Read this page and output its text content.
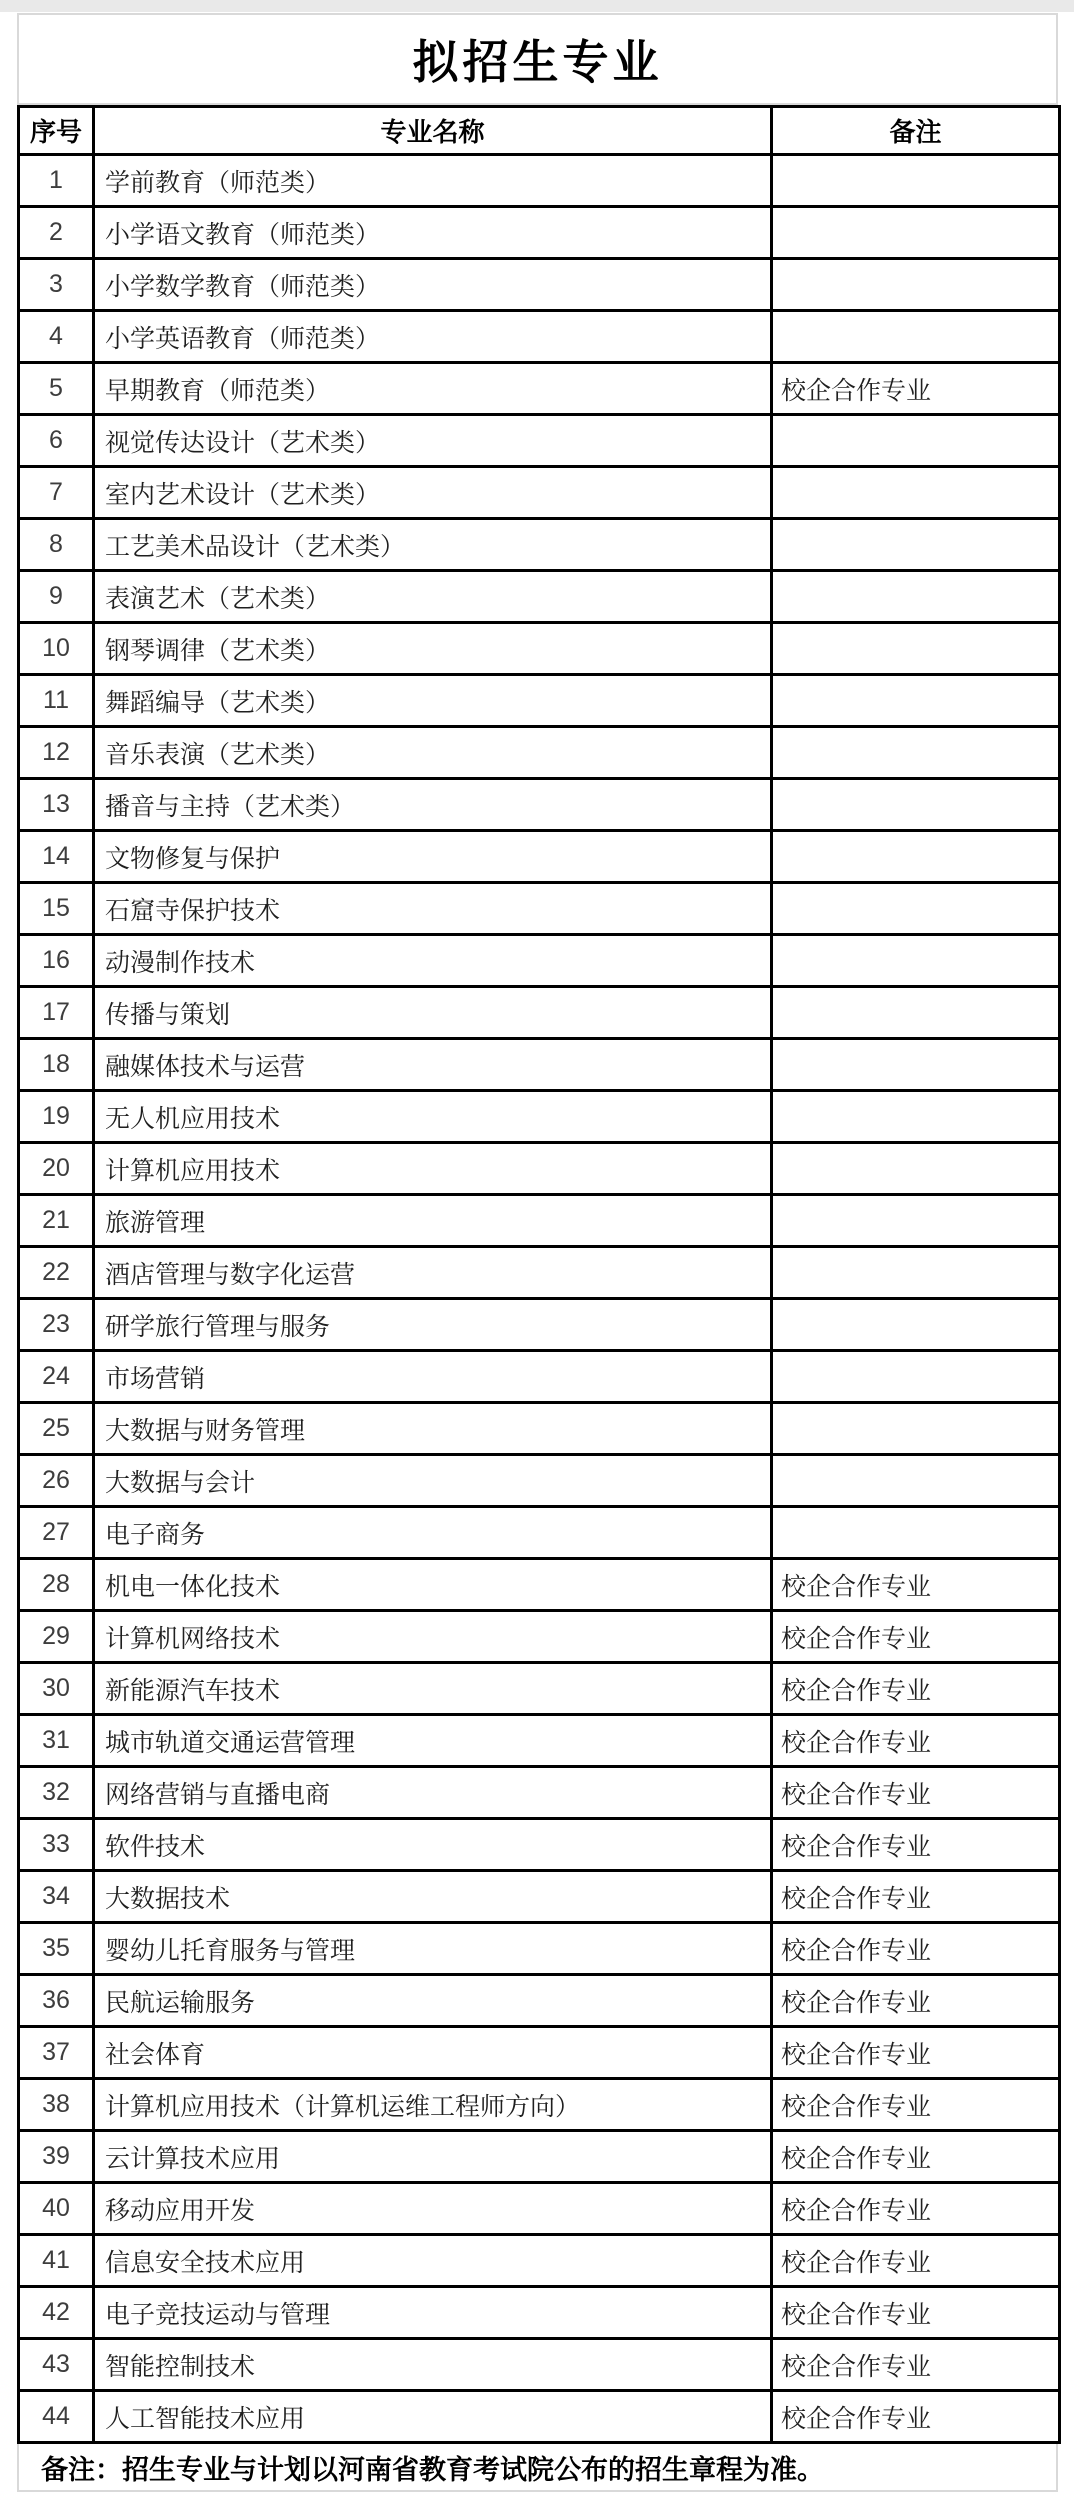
拟招生专业
序号	专业名称	备注
1	学前教育（师范类）	
2	小学语文教育（师范类）	
3	小学数学教育（师范类）	
4	小学英语教育（师范类）	
5	早期教育（师范类）	校企合作专业
6	视觉传达设计（艺术类）	
7	室内艺术设计（艺术类）	
8	工艺美术品设计（艺术类）	
9	表演艺术（艺术类）	
10	钢琴调律（艺术类）	
11	舞蹈编导（艺术类）	
12	音乐表演（艺术类）	
13	播音与主持（艺术类）	
14	文物修复与保护	
15	石窟寺保护技术	
16	动漫制作技术	
17	传播与策划	
18	融媒体技术与运营	
19	无人机应用技术	
20	计算机应用技术	
21	旅游管理	
22	酒店管理与数字化运营	
23	研学旅行管理与服务	
24	市场营销	
25	大数据与财务管理	
26	大数据与会计	
27	电子商务	
28	机电一体化技术	校企合作专业
29	计算机网络技术	校企合作专业
30	新能源汽车技术	校企合作专业
31	城市轨道交通运营管理	校企合作专业
32	网络营销与直播电商	校企合作专业
33	软件技术	校企合作专业
34	大数据技术	校企合作专业
35	婴幼儿托育服务与管理	校企合作专业
36	民航运输服务	校企合作专业
37	社会体育	校企合作专业
38	计算机应用技术（计算机运维工程师方向）	校企合作专业
39	云计算技术应用	校企合作专业
40	移动应用开发	校企合作专业
41	信息安全技术应用	校企合作专业
42	电子竞技运动与管理	校企合作专业
43	智能控制技术	校企合作专业
44	人工智能技术应用	校企合作专业
备注：招生专业与计划以河南省教育考试院公布的招生章程为准。
